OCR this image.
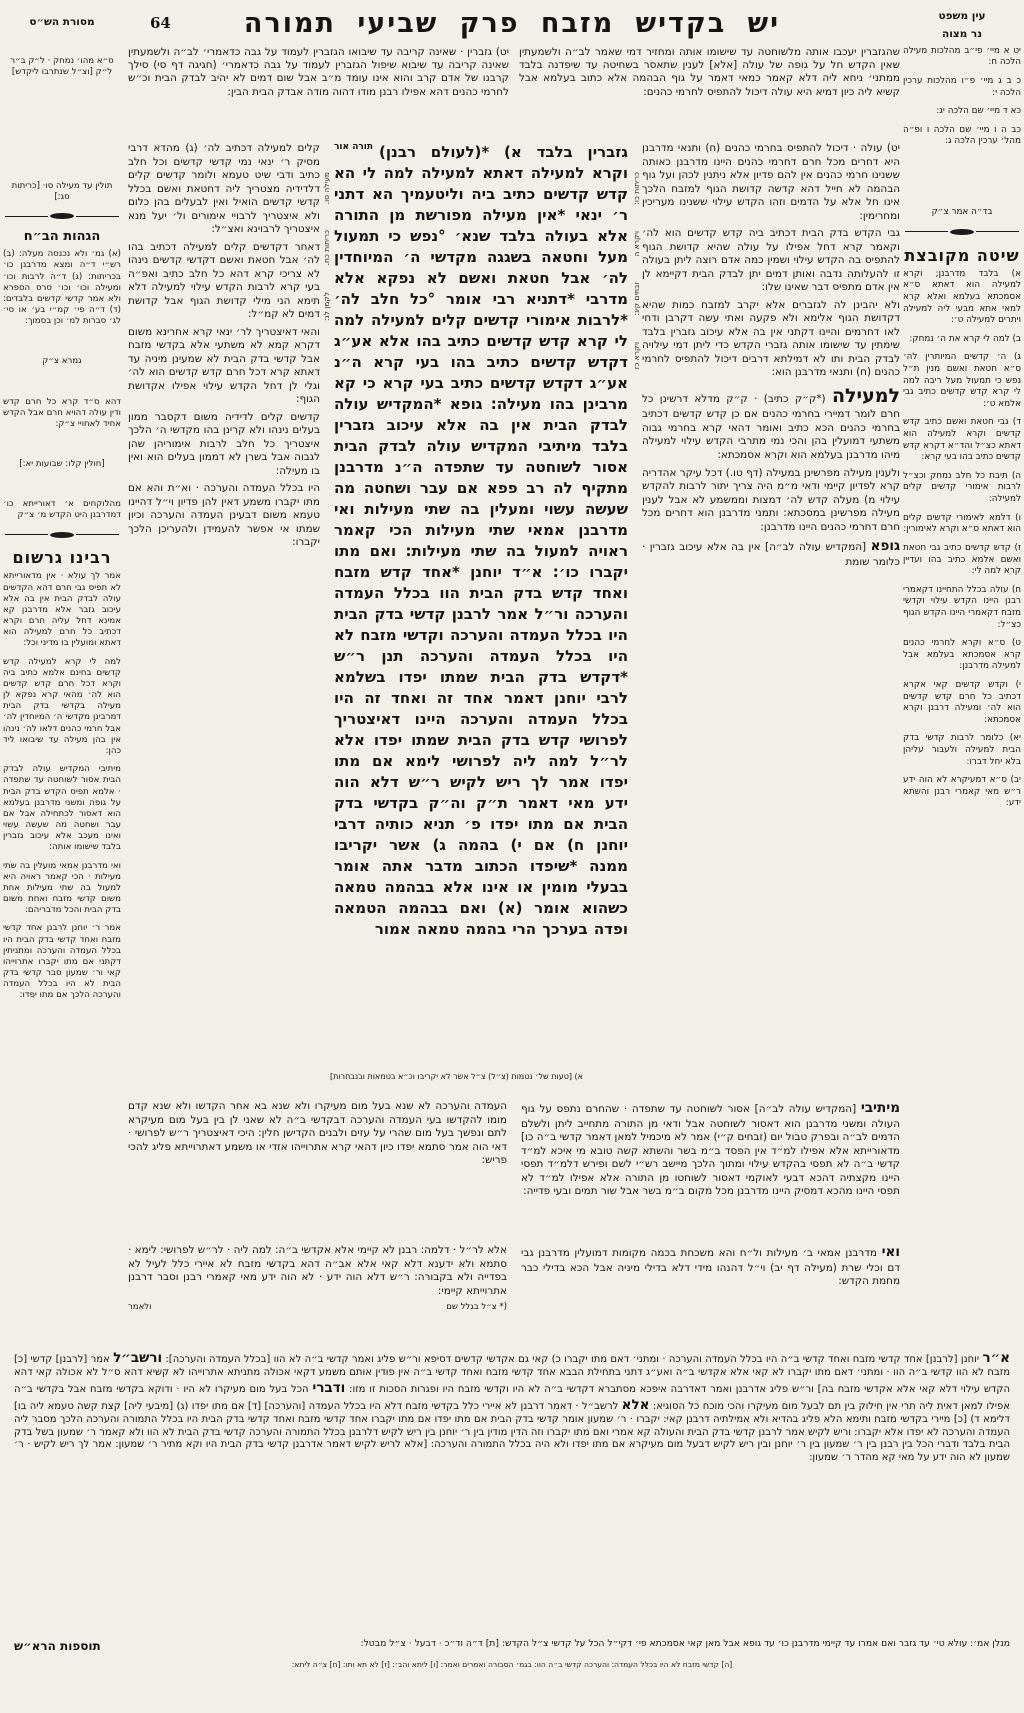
יש בקדיש מזבח פרק שביעי תמורה
64	עין משפט
נר מצוה

יט א מיי׳ פי״ב מהלכות מעילה הלכה ח:

כ ב ג מיי׳ פ״ו מהלכות ערכין הלכה י:

כא ד מיי׳ שם הלכה יג:

כב ה ו מיי׳ שם הלכה ו ופ״ה מהל׳ ערכין הלכה ג:

בד״ה אמר צ״ק

שיטה מקובצת

א) בלבד מדרבנן; וקרא למעילה הוא דאתא ס״א אסמכתא בעלמא ואלא קרא למאי אתא מבעי ליה למעילה ויתרים למעילה ט׳:

ב) למה לי קרא את ה׳ נמחק:

ג) ה׳ קדשים המיותרין לה׳ ס״א חטאת ואשם מנין ת״ל נפש כי תמעול מעל ריבה למה לי קרא קדש קדשים כתיב גבי אלמא ט׳:

ד) גבי חטאת ואשם כתיב קדש קדשים וקרא למעילה הוא דאתא כצ״ל והד״א דקרא קדש קדשים כתיב בהו בעי קרא:

ה) תיבת כל חלב נמחק וכצ״ל לרבות אימורי קדשים קלים למעילה:

ו) דלמא לאימורי קדשים קלים הוא דאתא ס״א וקרא לאימורין:

ז) קדש קדשים כתיב גבי חטאת ואשם אלמא כתיב בהו ועדיין קרא למה לי:

ח) עולה בכלל התחיינו דקאמרי רבנן היינו הקדש עילוי וקדשי מזבח דקאמרי היינו הקדש הגוף כצ״ל:

ט) ס״א וקרא לחרמי כהנים קרא אסמכתא בעלמא אבל למעילה מדרבנן:

י) וקדש קדשים קאי אקרא דכתיב כל חרם קדש קדשים הוא לה׳ ומעילה דרבנן וקרא אסמכתא:

יא) כלומר לרבות קדשי בדק הבית למעילה ולעבור עליהן בלא יחל דברו:

יב) ס״א דמעיקרא לא הוה ידע ר״ש מאי קאמרי רבנן והשתא ידע:

מסורת הש״ס

ס״א מהו׳ נמחק · ל״ק ב״ר ל״ק [וצ״ל שנתרבו ליקדש]

תולין עד מעילה סו· [כריתות סג:]

הגהות הב״ח

(א) גמ׳ ולא נכנסה מעלה: (ב) רש״י ד״ה ומצא מדרבנן כו׳ בכריתות: (ג) ד״ה לרבות וכו׳ ומעילה וכו׳ וכו׳ סרס הספרא ולא אמר קדשי קדשים בלבדים: (ד) ד״ה פי׳ קמ״י בע׳ או סי׳ לג׳ סברות למ׳ וכן בסמוך:

גמרא צ״ק

דהא ס״ד קרא כל חרם קדש ודין עולה דהויא חרם אבל הקדש אחיד לאחויי צ״ק:

[חולין קלו: שבועות יא:]

מהלוקחים א׳ דאורייתא כו׳ דמדרבנן היט הקדש מ׳ צ״ק

רבינו גרשום

אמר לך עולא · אין מדאורייתא לא תפיס גבי חרם דהא הקדשים עולה לבדק הבית אין בה אלא עיכוב גזבר אלא מדרבנן קא אמינא דחל עליה חרם וקרא דכתיב כל חרם למעילה הוא דאתא ומועלין בו מדיני וכל:

למה לי קרא למעילה קדש קדשים בחינם אלמא כתיב ביה וקרא דכל חרם קדש קדשים הוא לה׳ מהאי קרא נפקא לן מעילה בקדשי בדק הבית דמרבינן מקדשי ה׳ המיוחדין לה׳ אבל חרמי כהנים דלאו לה׳ נינהו אין בהן מעילה עד שיבואו ליד כהן:

מיתיבי המקדיש עולה לבדק הבית אסור לשוחטה עד שתפדה · אלמא תפיס הקדש בדק הבית על גופה ומשני מדרבנן בעלמא הוא דאסור לכתחילה אבל אם עבר ושחטה מה שעשה עשוי ואינו מעכב אלא עיכוב גזברין בלבד שישומו אותה:

ואי מדרבנן אמאי מועלין בה שתי מעילות · הכי קאמר ראויה היא למעול בה שתי מעילות אחת משום קדשי מזבח ואחת משום בדק הבית והכל מדבריהם:

אמר ר׳ יוחנן לרבנן אחד קדשי מזבח ואחד קדשי בדק הבית היו בכלל העמדה והערכה ומתניתין דקתני אם מתו יקברו אתרוייהו קאי ור׳ שמעון סבר קדשי בדק הבית לא היו בכלל העמדה והערכה הלכך אם מתו יפדו:

שהגזברין יעכבו אותה מלשוחטה עד שישומו אותה ומחזיר דמי שאמר לב״ה ולשמעתין שאין הקדש חל על גופה של עולה [אלא] לענין שתאסר בשחיטה עד שיפדנה בלבד ממתני׳ ניחא ליה דלא קאמר כמאי דאמר על גוף הבהמה אלא כתוב בעלמא אבל קשיא ליה כיון דמיא היא עולה דיכול להתפיס לחרמי כהנים:
יט) גזברין · שאינה קריבה עד שיבואו הגזברין לעמוד על גבה כדאמרי׳ לב״ה ולשמעתין שאינה קריבה עד שיבוא שיפול הגזברין לעמוד על גבה כדאמרי׳ (חגיגה דף סי) סילך קרבנו של אדם קרב והוא אינו עומד מ״ב אבל שום דמים לא יהיב לבדק הבית וכ״ש לחרמי כהנים דהא אפילו רבנן מודו דהוה מודה אבדק הבית הבין:

יט) עולה · דיכול להתפיס בחרמי כהנים (ח) ותנאי מדרבנן היא דחרים מכל חרם דחרמי כהנים היינו מדרבנן כאותה ששנינו חרמי כהנים אין להם פדיון אלא ניתנין לכהן ועל גוף הבהמה לא חייל דהא קדשה קדושת הגוף למזבח הלכך אינו חל אלא על הדמים וזהו הקדש עילוי ששנינו מעריכין ומחרימין:

גבי הקדש בדק הבית דכתיב ביה קדש קדשים הוא לה׳ וקאמר קרא דחל אפילו על עולה שהיא קדושת הגוף להתפיס בה הקדש עילוי ושמין כמה אדם רוצה ליתן בעולה זו להעלותה נדבה ואותן דמים יתן לבדק הבית דקיימא לן אין אדם מתפיס דבר שאינו שלו:

ולא יהבינן לה לגזברים אלא יקרב למזבח כמות שהיא דקדושת הגוף אלימא ולא פקעה ואתי עשה דקרבן ודחי לאו דחרמים והיינו דקתני אין בה אלא עיכוב גזברין בלבד שימתין עד שישומו אותה גזברי הקדש כדי ליתן דמי עילויה לבדק הבית ותו לא דמילתא דרבים דיכול להתפיס לחרמי כהנים (ח) ותנאי מדרבנן הוא:

למעילה (*ק״ק כתיב) · ק״ק מדלא דרשינן כל חרם לומר דמיירי בחרמי כהנים אם כן קדש קדשים דכתיב בחרמי כהנים הכא כתיב ואומר דהאי קרא בחרמי גבוה משתעי דמועלין בהן והכי נמי מתרבי הקדש עילוי למעילה מיהו מדרבנן בעלמא הוא וקרא אסמכתא:

ולענין מעילה מפרשינן במעילה (דף טו.) דכל עיקר אהדריה קרא לפדיון קיימי ודאי מ״מ היה צריך יתור לרבות להקדש עילוי מ) מעלה קדש לה׳ דמצות וממשמע לא אבל לענין מעילה מפרשינן במסכתא: ותמני מדרבנן הוא דחרים מכל חרם דחרמי כהנים היינו מדרבנן:

גופא [המקדיש עולה לב״ה] אין בה אלא עיכוב גזברין · כלומר שומת

כריתות כו:
ויקרא ה
זבחים קיג:
ויקרא כז
תורה אור גזברין בלבד א) *(לעולם רבנן) וקרא למעילה דאתא למעילה למה לי הא קדש קדשים כתיב ביה וליטעמיך הא דתני ר׳ ינאי *אין מעילה מפורשת מן התורה אלא בעולה בלבד שנא׳ °נפש כי תמעול מעל וחטאה בשגגה מקדשי ה׳ המיוחדין לה׳ אבל חטאת ואשם לא נפקא אלא מדרבי *דתניא רבי אומר °כל חלב לה׳ *לרבות אימורי קדשים קלים למעילה למה לי קרא קדש קדשים כתיב בהו אלא אע״ג דקדש קדשים כתיב בהו בעי קרא ה״נ אע״ג דקדש קדשים כתיב בעי קרא כי קא מרבינן בהו מעילה: גופא *המקדיש עולה לבדק הבית אין בה אלא עיכוב גזברין בלבד מיתיבי המקדיש עולה לבדק הבית אסור לשוחטה עד שתפדה ה״נ מדרבנן מתקיף לה רב פפא אם עבר ושחטה מה שעשה עשוי ומעלין בה שתי מעילות ואי מדרבנן אמאי שתי מעילות הכי קאמר ראויה למעול בה שתי מעילות: ואם מתו יקברו כו׳: א״ד יוחנן *אחד קדש מזבח ואחד קדש בדק הבית הוו בכלל העמדה והערכה ור״ל אמר לרבנן קדשי בדק הבית היו בכלל העמדה והערכה וקדשי מזבח לא היו בכלל העמדה והערכה תנן ר״ש *דקדש בדק הבית שמתו יפדו בשלמא לרבי יוחנן דאמר אחד זה ואחד זה היו בכלל העמדה והערכה היינו דאיצטריך לפרושי קדש בדק הבית שמתו יפדו אלא לר״ל למה ליה לפרושי לימא אם מתו יפדו אמר לך ריש לקיש ר״ש דלא הוה ידע מאי דאמר ת״ק וה״ק בקדשי בדק הבית אם מתו יפדו פ׳ תניא כותיה דרבי יוחנן ח) אם י) בהמה ג) אשר יקריבו ממנה *שיפדו הכתוב מדבר אתה אומר בבעלי מומין או אינו אלא בבהמה טמאה כשהוא אומר (א) ואם בבהמה הטמאה ופדה בערכך הרי בהמה טמאה אמור
מעילה טו.
כריתות כח.
לקמן לג:

קלים למעילה דכתיב לה׳ (ג) מהדא דרבי מסיק ר׳ ינאי נמי קדשי קדשים וכל חלב כתיב ודבי שיט טעמא ולומר קדשים קלים דלדידיה מצטריך ליה דחטאת ואשם בכלל קדשי קדשים הואיל ואין לבעלים בהן כלום ולא איצטריך לרבויי אימורים ול׳ יעל מנא איצטריך לרבוינא ואצ״ל:

דאחר דקדשים קלים למעילה דכתיב בהו לה׳ אבל חטאת ואשם דקדשי קדשים נינהו לא צריכי קרא דהא כל חלב כתיב ואפ״ה בעי קרא לרבות הקדש עילוי למעילה דלא תימא הני מילי קדושת הגוף אבל קדושת דמים לא קמ״ל:

והאי דאיצטריך לר׳ ינאי קרא אחרינא משום דקרא קמא לא משתעי אלא בקדשי מזבח אבל קדשי בדק הבית לא שמעינן מיניה עד דאתא קרא דכל חרם קדש קדשים הוא לה׳ וגלי לן דחל הקדש עילוי אפילו אקדושת הגוף:

קדשים קלים לדידיה משום דקסבר ממון בעלים נינהו ולא קרינן בהו מקדשי ה׳ הלכך איצטריך כל חלב לרבות אימוריהן שהן לגבוה אבל בשרן לא דממון בעלים הוא ואין בו מעילה:

היו בכלל העמדה והערכה · וא״ת והא אם מתו יקברו משמע דאין להן פדיון וי״ל דהיינו טעמא משום דבעינן העמדה והערכה וכיון שמתו אי אפשר להעמידן ולהעריכן הלכך יקברו:

א) [טעות של׳ נטמות (צ״ל) צ״ל אשר לא יקריבו וכ״א בטמאות ובנבחרות]
מיתיבי [המקדיש עולה לב״ה] אסור לשוחטה עד שתפדה · שהחרם נתפס על גוף העולה ומשני מדרבנן הוא דאסור לשוחטה אבל ודאי מן התורה מתחייב ליתן ולשלם הדמים לב״ה ובפרק טבול יום (זבחים ק״י) אמר לא מיכמיל למאן דאמר קדשי ב״ה כו] מדאורייתא אלא אפילו למ״ד אין הפסד ב״מ בשר והשתא קשה טובא מי איכא למ״ד קדשי ב״ה לא תפסי בהקדש עילוי ומתוך הלכך מיישב רש״י לשם ופירש דלמ״ד תפסי היינו מקצתיה דהכא דבעי לאוקמי דאסור לשוחטו מן התורה אלא אפילו למ״ד לא תפסי היינו מהכא דמסיק היינו מדרבנן מכל מקום ב״מ בשר אבל שור תמים ובעי פדייה:
העמדה והערכה לא שנא בעל מום מעיקרו ולא שנא בא אחר הקדשו ולא שנא קדם מומו להקדשו בעי העמדה והערכה דבקדשי ב״ה לא שאני לן בין בעל מום מעיקרא לתם ונפשך בעל מום שהרי על עזים ולבנים הקדישן חלין: היכי דאיצטריך ר״ש לפרושי · דאי הוה אמר סתמא יפדו כיון דהאי קרא אתרוייהו אזדי או משמע דאתרוייתא פליג להכי פריש:
ואי מדרבנן אמאי ב׳ מעילות ול״ח והא משכחת בכמה מקומות דמועלין מדרבנן גבי דם וכלי שרת (מעילה דף יב) וי״ל דהנהו מידי דלא בדילי מיניה אבל הכא בדילי כבר מחמת הקדש:
אלא לר״ל · דלמה: רבנן לא קיימי אלא אקדשי ב״ה: למה ליה · לר״ש לפרושי: לימא · סתמא ולא ידענא דלא קאי אלא אב״ה דהא בקדשי מזבח לא איירי כלל לעיל לא בפדייה ולא בקבורה: ר״ש דלא הוה ידע · לא הוה ידע מאי קאמרי רבנן וסבר דרבנן אתרוייתא קיימי:
(* צ״ל בגלל שם
ולאמר
א״ר יוחנן [לרבנן] אחד קדשי מזבח ואחד קדשי ב״ה היו בכלל העמדה והערכה · ומתני׳ דאם מתו יקברו כ) קאי גם אקדשי קדשים דסיפא ור״ש פליג ואמר קדשי ב״ה לא הוו [בכלל העמדה והערכה]: ורשב״ל אמר [לרבנן] קדשי [כ] מזבח לא הוו קדשי ב״ה הוו · ומתני׳ דאם מתו יקברו לא קאי אלא אקדשי ב״ה ואע״ג דתני בתחילת הבבא אחד קדשי מזבח ואחד קדשי ב״ה אין פודין אותם משמע דקאי אכולה מתניתא אתרוייהו לא קשיא דהא ס״ל לא אכולה קאי דהא הקדש עילוי דלא קאי אלא אקדשי מזבח בה] ור״ש פליג אדרבנן ואמר דאדרבה איפכא מסתברא דקדשי ב״ה לא היו וקדשי מזבח היו ופגרות הסכות זו מזו: ודברי הכל בעל מום מעיקרו לא היו · ודוקא בקדשי מזבח אבל בקדשי ב״ה אפילו למאן דאית ליה תרי אין חילוק בין תם לבעל מום מעיקרו והכי מוכח כל הסוגיא: אלא לרשב״ל · דאמר דרבנן לא איירי כלל בקדשי מזבח דלא היו בכלל העמדה [והערכה] [ד] אם מתו יפדו (ג) [מיבעי ליה] קצת קשה טעמא ליה בו] דלימא ד) [כ] מיירי בקדשי מזבח ותימא הלא פליג בהדיא ולא אמילתיה דרבנן קאי: יקברו · ר׳ שמעון אומר קדשי בדק הבית אם מתו יפדו אם מתו יקברו אחד קדשי מזבח ואחד קדשי בדק הבית היו בכלל התמורה והערכה הלכך מסבר ליה העמדה והערכה לא יפדו אלא יקברו: וריש לקיש אמר לרבנן קדשי בדק הבית והעולה קא אמרי ואם מתו יקברו וזה הדין מודין בין ר׳ יוחנן בין ריש לקיש דלרבנן בכלל התמורה והערכה קדשי בדק הבית לא הוו ולא קאמר ר׳ שמעון בשל בדק הבית בלבד ודברי הכל בין רבנן בין ר׳ שמעון בין ר׳ יוחנן ובין ריש לקיש דבעל מום מעיקרא אם מתו יפדו ולא היה בכלל התמורה והערכה: [אלא לריש לקיש דאמר אדרבנן קדשי בדק הבית היו וקא מתיר ר׳ שמעון: אמר לך ריש לקיש · ר׳ שמעון לא הוה ידע על מאי קא מהדר ר׳ שמעון:
מנלן אמ׳: עולא טי׳ עד גזבר ואם אמרו עד קיימי מדרבנן כו׳ עד גופא אבל מאן קאי אסמכתא פי׳ דקי״ל הכל על קדשי צ״ל הקדש: [ת] ד״ה וד״כ · דבעל · צ״ל מבטל:
תוספות הרא״ש
[ה] קדשי מזבח לא היו בכלל העמדה: והערכה קדשי ב״ה הוו: בגמ׳ הסבורה ואמרים ואמר: [ו] ליתא והב׳: [ז] לא תא ותו: [ח] צ״ה ליתא:
